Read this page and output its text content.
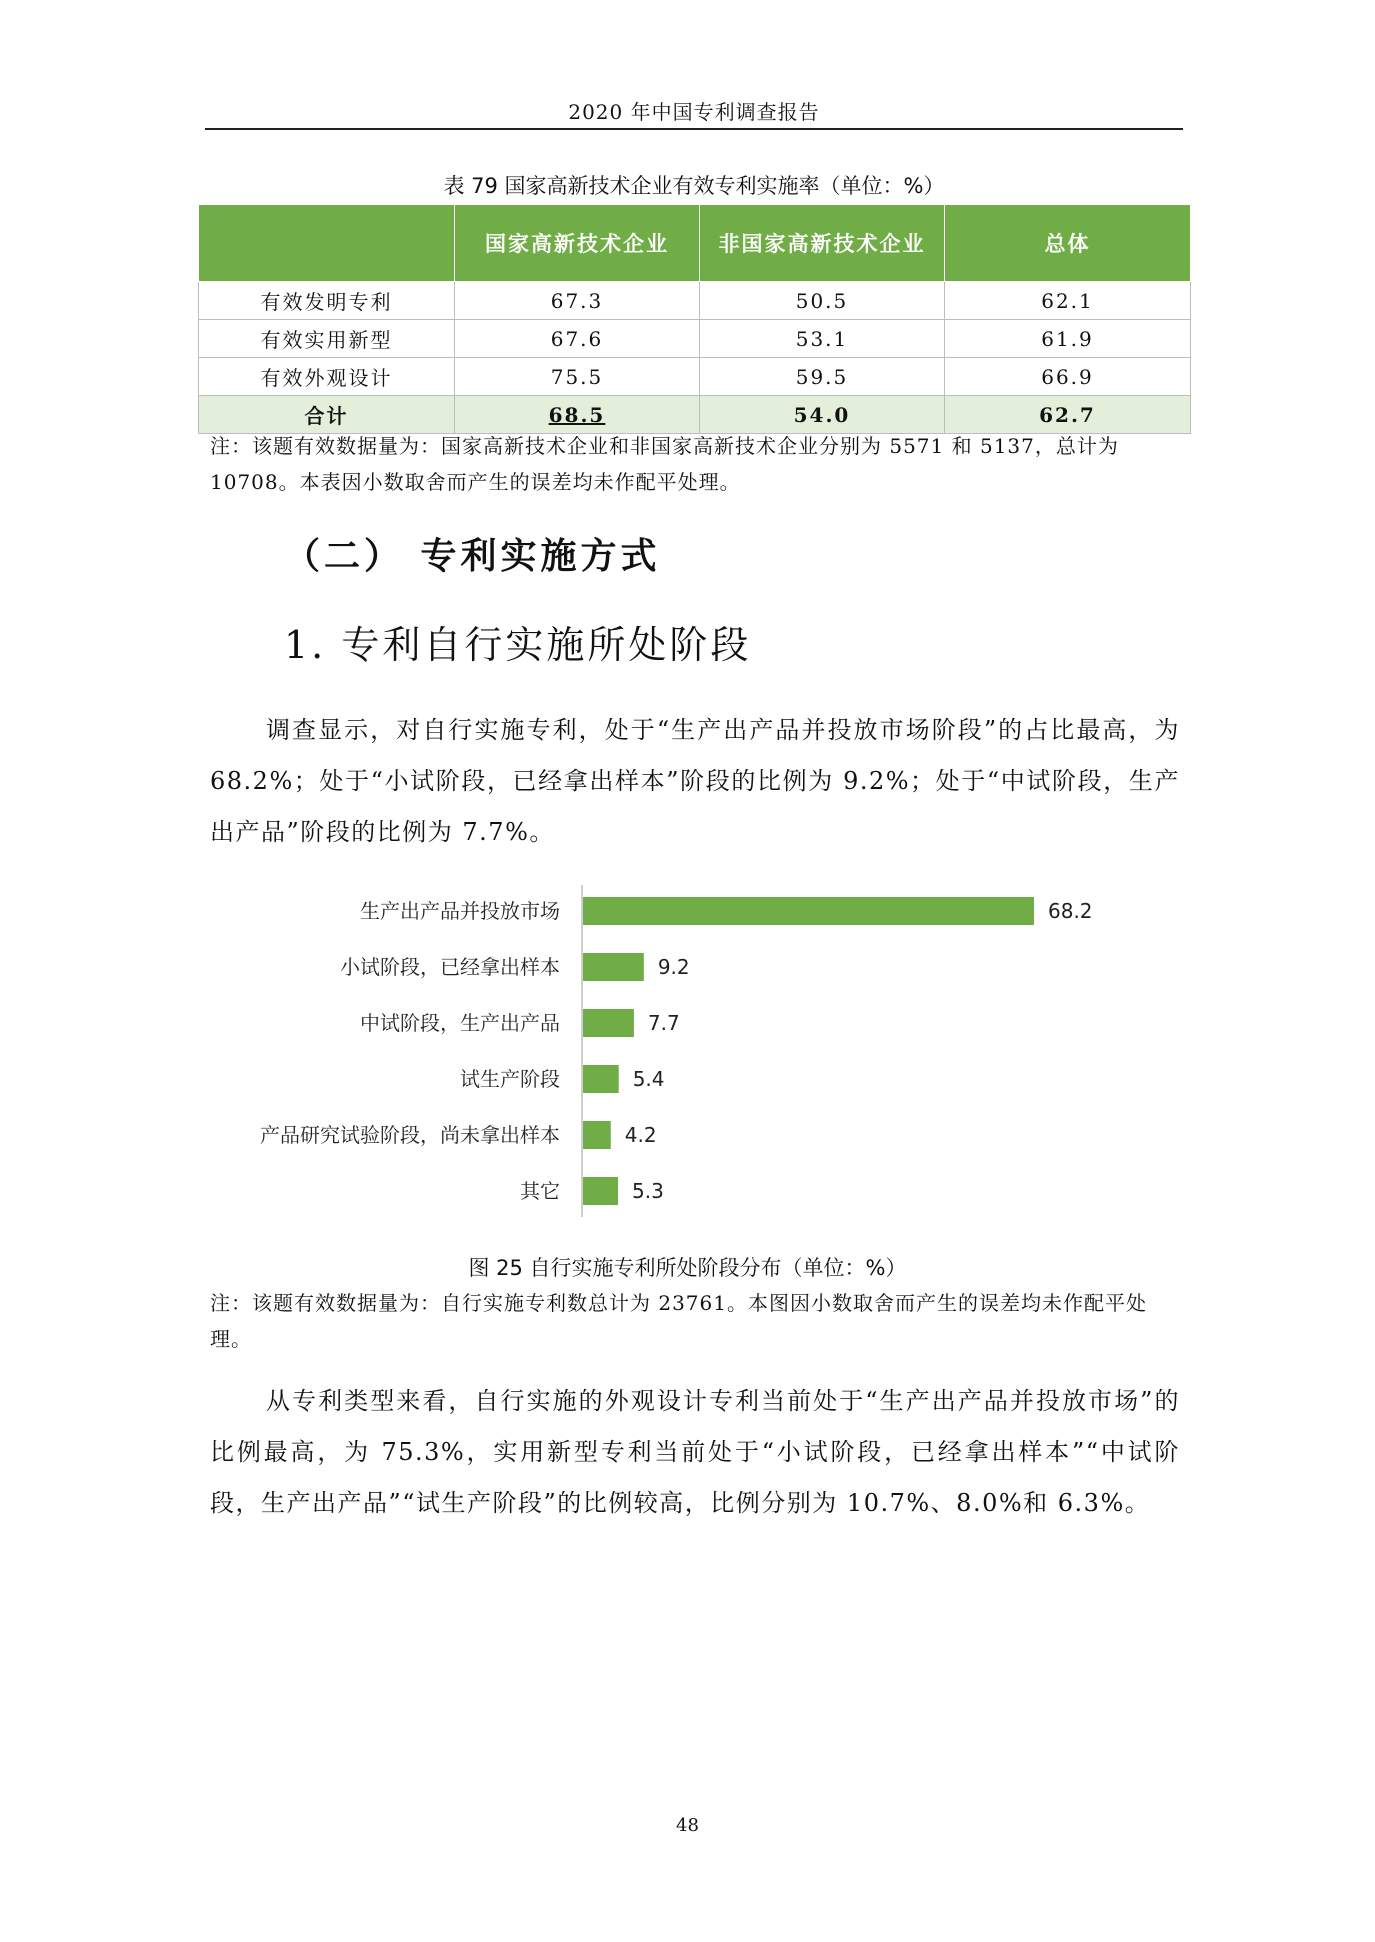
2020 年中国专利调查报告
表 79 国家高新技术企业有效专利实施率（单位：%）
	国家高新技术企业	非国家高新技术企业	总体
有效发明专利	67.3	50.5	62.1
有效实用新型	67.6	53.1	61.9
有效外观设计	75.5	59.5	66.9
合计	68.5	54.0	62.7
注：该题有效数据量为：国家高新技术企业和非国家高新技术企业分别为 5571 和 5137，总计为 10708。本表因小数取舍而产生的误差均未作配平处理。
（二） 专利实施方式
1. 专利自行实施所处阶段
调查显示，对自行实施专利，处于“生产出产品并投放市场阶段”的占比最高，为 68.2%；处于“小试阶段，已经拿出样本”阶段的比例为 9.2%；处于“中试阶段，生产出产品”阶段的比例为 7.7%。
生产出产品并投放市场	68.2
小试阶段，已经拿出样本	9.2
中试阶段，生产出产品	7.7
试生产阶段	5.4
产品研究试验阶段，尚未拿出样本	4.2
其它	5.3
图 25 自行实施专利所处阶段分布（单位：%）
注：该题有效数据量为：自行实施专利数总计为 23761。本图因小数取舍而产生的误差均未作配平处理。
从专利类型来看，自行实施的外观设计专利当前处于“生产出产品并投放市场”的比例最高，为 75.3%，实用新型专利当前处于“小试阶段，已经拿出样本”“中试阶段，生产出产品”“试生产阶段”的比例较高，比例分别为 10.7%、8.0%和 6.3%。
48
